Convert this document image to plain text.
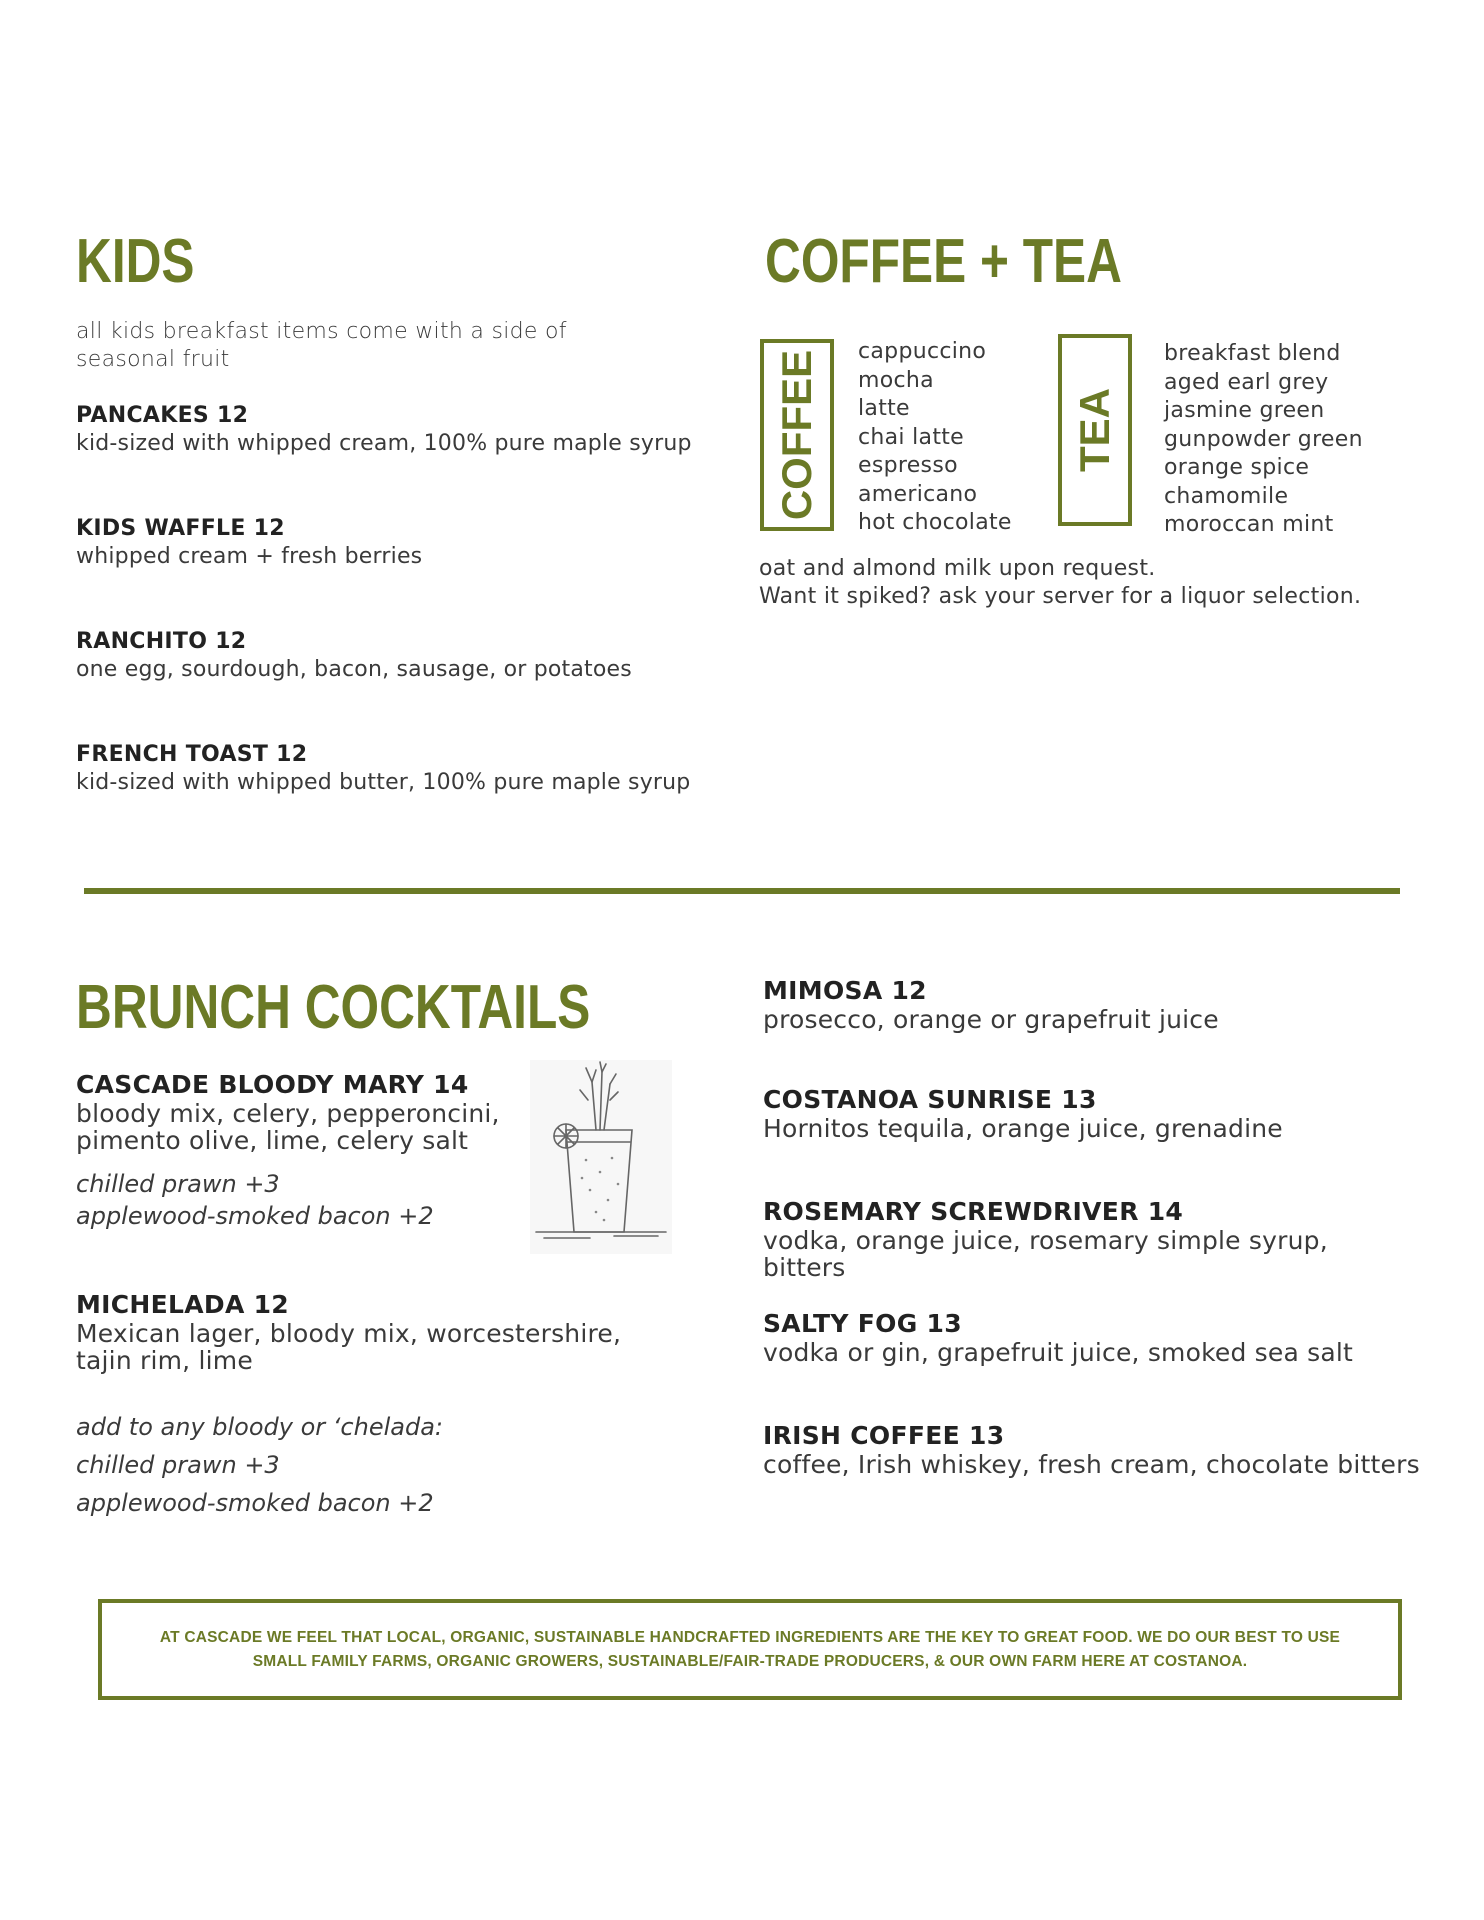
KIDS
all kids breakfast items come with a side of
seasonal fruit
PANCAKES 12
kid-sized with whipped cream, 100% pure maple syrup
KIDS WAFFLE 12
whipped cream + fresh berries
RANCHITO 12
one egg, sourdough, bacon, sausage, or potatoes
FRENCH TOAST 12
kid-sized with whipped butter, 100% pure maple syrup
COFFEE + TEA
COFFEE cappuccino
mocha
latte
chai latte
espresso
americano
hot chocolate
TEA
breakfast blend
aged earl grey
jasmine green
gunpowder green
orange spice
chamomile
moroccan mint
oat and almond milk upon request.
Want it spiked? ask your server for a liquor selection.
BRUNCH COCKTAILS
CASCADE BLOODY MARY 14
bloody mix, celery, pepperoncini,
pimento olive, lime, celery salt
chilled prawn +3
applewood-smoked bacon +2
MICHELADA 12
Mexican lager, bloody mix, worcestershire,
tajin rim, lime
add to any bloody or ‘chelada:
chilled prawn +3
applewood-smoked bacon +2
MIMOSA 12
prosecco, orange or grapefruit juice
COSTANOA SUNRISE 13
Hornitos tequila, orange juice, grenadine
ROSEMARY SCREWDRIVER 14
vodka, orange juice, rosemary simple syrup,
bitters
SALTY FOG 13
vodka or gin, grapefruit juice, smoked sea salt
IRISH COFFEE 13
coffee, Irish whiskey, fresh cream, chocolate bitters
AT CASCADE WE FEEL THAT LOCAL, ORGANIC, SUSTAINABLE HANDCRAFTED INGREDIENTS ARE THE KEY TO GREAT FOOD. WE DO OUR BEST TO USE
SMALL FAMILY FARMS, ORGANIC GROWERS, SUSTAINABLE/FAIR-TRADE PRODUCERS, & OUR OWN FARM HERE AT COSTANOA.
